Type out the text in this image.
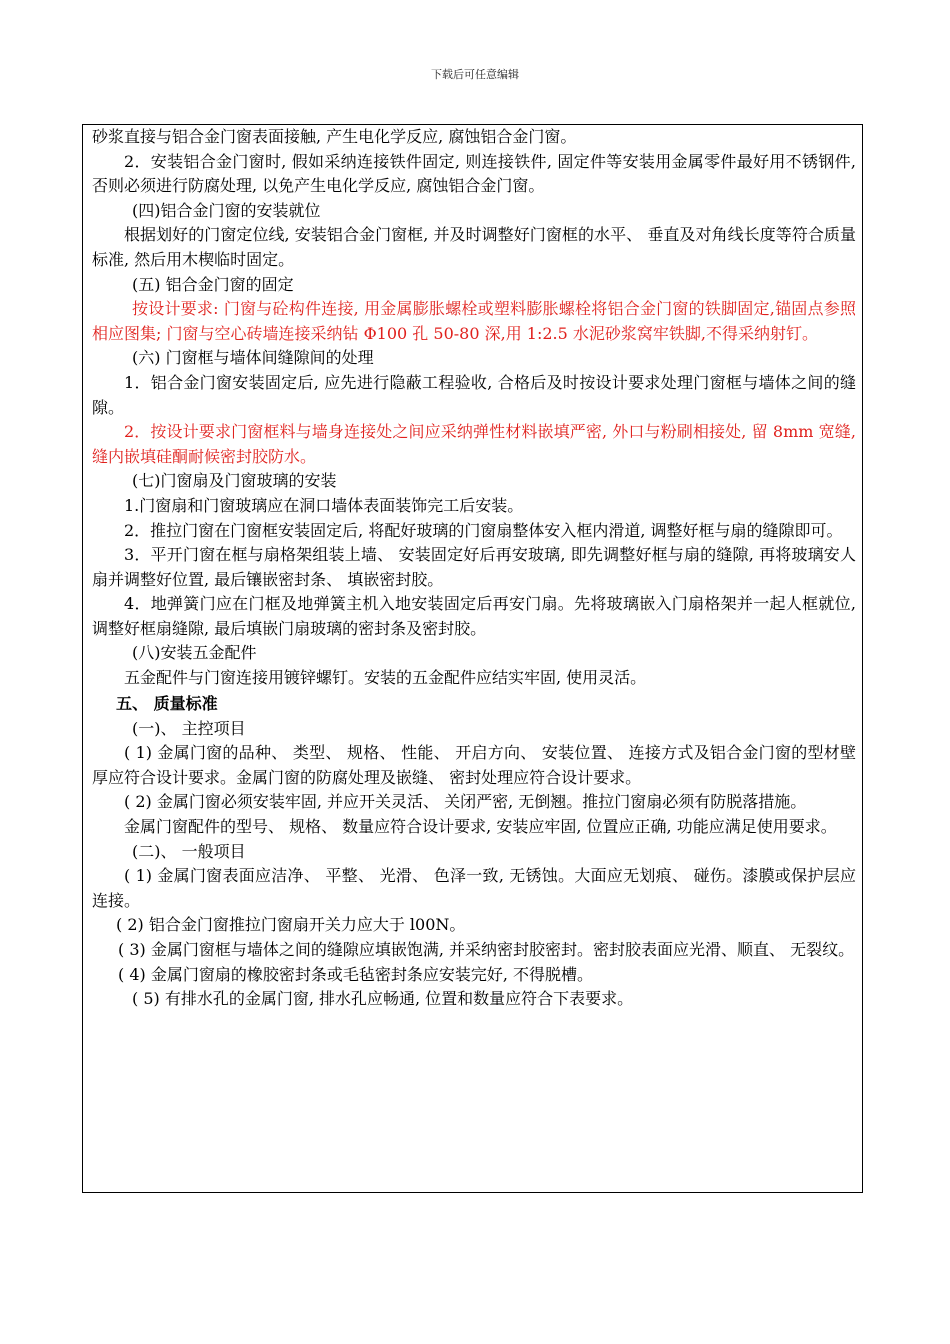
下载后可任意编辑

砂浆直接与铝合金门窗表面接触, 产生电化学反应, 腐蚀铝合金门窗。

2．安装铝合金门窗时, 假如采纳连接铁件固定, 则连接铁件, 固定件等安装用金属零件最好用不锈钢件, 否则必须进行防腐处理, 以免产生电化学反应, 腐蚀铝合金门窗。

(四)铝合金门窗的安装就位

根据划好的门窗定位线, 安装铝合金门窗框, 并及时调整好门窗框的水平、 垂直及对角线长度等符合质量标准, 然后用木楔临时固定。

(五) 铝合金门窗的固定

按设计要求: 门窗与砼构件连接, 用金属膨胀螺栓或塑料膨胀螺栓将铝合金门窗的铁脚固定,锚固点参照相应图集; 门窗与空心砖墙连接采纳钻 Φ100 孔 50-80 深,用 1:2.5 水泥砂浆窝牢铁脚,不得采纳射钉。

(六) 门窗框与墙体间缝隙间的处理

1．铝合金门窗安装固定后, 应先进行隐蔽工程验收, 合格后及时按设计要求处理门窗框与墙体之间的缝隙。

2．按设计要求门窗框料与墙身连接处之间应采纳弹性材料嵌填严密, 外口与粉刷相接处, 留 8mm 宽缝, 缝内嵌填硅酮耐候密封胶防水。

(七)门窗扇及门窗玻璃的安装

1.门窗扇和门窗玻璃应在洞口墙体表面装饰完工后安装。

2．推拉门窗在门窗框安装固定后, 将配好玻璃的门窗扇整体安入框内滑道, 调整好框与扇的缝隙即可。

3．平开门窗在框与扇格架组装上墙、 安装固定好后再安玻璃, 即先调整好框与扇的缝隙, 再将玻璃安人扇并调整好位置, 最后镶嵌密封条、 填嵌密封胶。

4．地弹簧门应在门框及地弹簧主机入地安装固定后再安门扇。先将玻璃嵌入门扇格架并一起人框就位, 调整好框扇缝隙, 最后填嵌门扇玻璃的密封条及密封胶。

(八)安装五金配件

五金配件与门窗连接用镀锌螺钉。安装的五金配件应结实牢固, 使用灵活。

五、 质量标准

(一)、 主控项目

( 1) 金属门窗的品种、 类型、 规格、 性能、 开启方向、 安装位置、 连接方式及铝合金门窗的型材壁厚应符合设计要求。金属门窗的防腐处理及嵌缝、 密封处理应符合设计要求。

( 2) 金属门窗必须安装牢固, 并应开关灵活、 关闭严密, 无倒翘。推拉门窗扇必须有防脱落措施。

金属门窗配件的型号、 规格、 数量应符合设计要求, 安装应牢固, 位置应正确, 功能应满足使用要求。

(二)、 一般项目

( 1) 金属门窗表面应洁净、 平整、 光滑、 色泽一致, 无锈蚀。大面应无划痕、 碰伤。漆膜或保护层应连接。

( 2) 铝合金门窗推拉门窗扇开关力应大于 l00N。

( 3) 金属门窗框与墙体之间的缝隙应填嵌饱满, 并采纳密封胶密封。密封胶表面应光滑、顺直、 无裂纹。

( 4) 金属门窗扇的橡胶密封条或毛毡密封条应安装完好, 不得脱槽。

( 5) 有排水孔的金属门窗, 排水孔应畅通, 位置和数量应符合下表要求。
